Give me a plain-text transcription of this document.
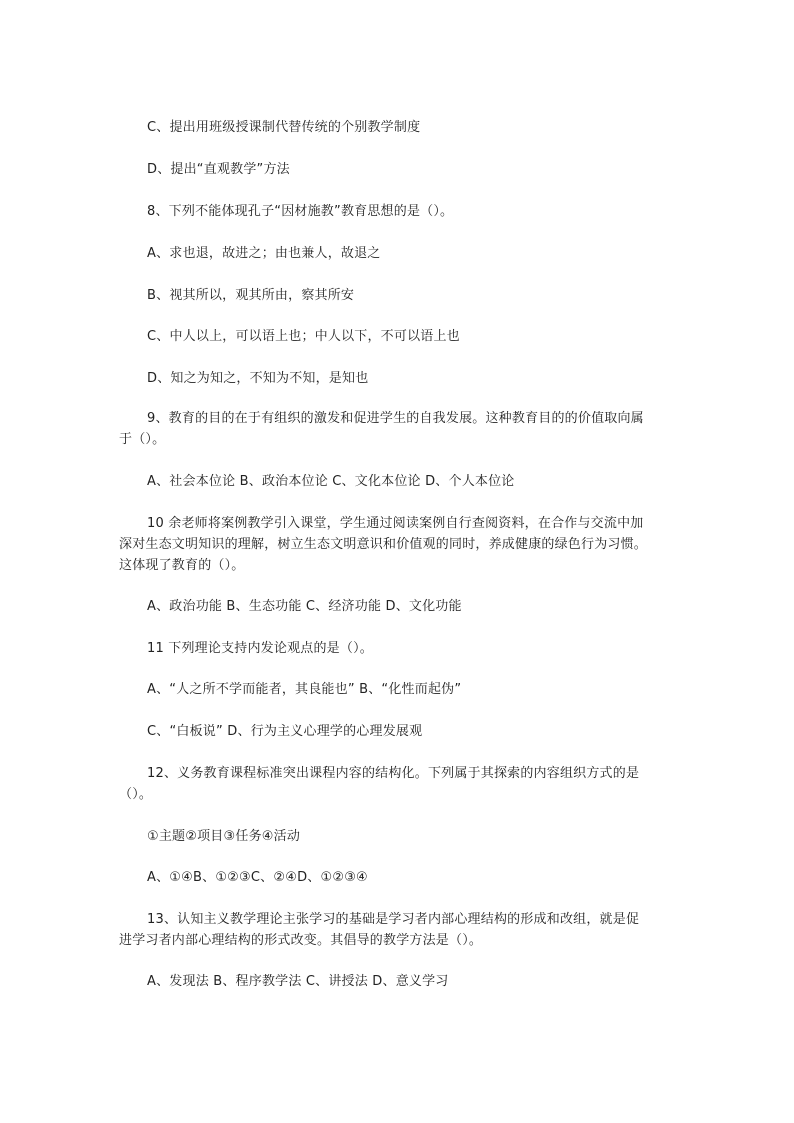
C、提出用班级授课制代替传统的个别教学制度
D、提出“直观教学”方法
8、下列不能体现孔子“因材施教”教育思想的是（）。
A、求也退，故进之；由也兼人，故退之
B、视其所以，观其所由，察其所安
C、中人以上，可以语上也；中人以下，不可以语上也
D、知之为知之，不知为不知，是知也
9、教育的目的在于有组织的激发和促进学生的自我发展。这种教育目的的价值取向属
于（）。
A、社会本位论 B、政治本位论 C、文化本位论 D、个人本位论
10 余老师将案例教学引入课堂，学生通过阅读案例自行查阅资料，在合作与交流中加
深对生态文明知识的理解，树立生态文明意识和价值观的同时，养成健康的绿色行为习惯。
这体现了教育的（）。
A、政治功能 B、生态功能 C、经济功能 D、文化功能
11 下列理论支持内发论观点的是（）。
A、“人之所不学而能者，其良能也” B、“化性而起伪”
C、“白板说” D、行为主义心理学的心理发展观
12、义务教育课程标准突出课程内容的结构化。下列属于其探索的内容组织方式的是
（）。
①主题②项目③任务④活动
A、①④B、①②③C、②④D、①②③④
13、认知主义教学理论主张学习的基础是学习者内部心理结构的形成和改组，就是促
进学习者内部心理结构的形式改变。其倡导的教学方法是（）。
A、发现法 B、程序教学法 C、讲授法 D、意义学习
